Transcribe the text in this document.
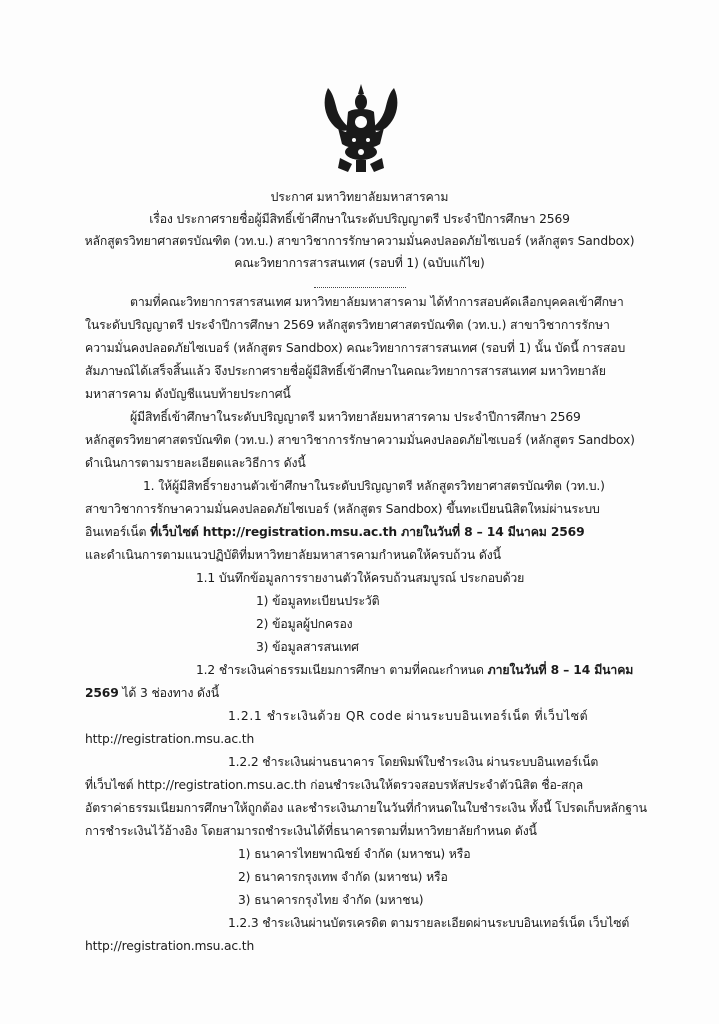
ประกาศ มหาวิทยาลัยมหาสารคาม
เรื่อง ประกาศรายชื่อผู้มีสิทธิ์เข้าศึกษาในระดับปริญญาตรี ประจำปีการศึกษา 2569
หลักสูตรวิทยาศาสตรบัณฑิต (วท.บ.) สาขาวิชาการรักษาความมั่นคงปลอดภัยไซเบอร์ (หลักสูตร Sandbox)
คณะวิทยาการสารสนเทศ (รอบที่ 1) (ฉบับแก้ไข)
ตามที่คณะวิทยาการสารสนเทศ มหาวิทยาลัยมหาสารคาม ได้ทำการสอบคัดเลือกบุคคลเข้าศึกษา
ในระดับปริญญาตรี ประจำปีการศึกษา 2569 หลักสูตรวิทยาศาสตรบัณฑิต (วท.บ.) สาขาวิชาการรักษา
ความมั่นคงปลอดภัยไซเบอร์ (หลักสูตร Sandbox) คณะวิทยาการสารสนเทศ (รอบที่ 1) นั้น บัดนี้ การสอบ
สัมภาษณ์ได้เสร็จสิ้นแล้ว จึงประกาศรายชื่อผู้มีสิทธิ์เข้าศึกษาในคณะวิทยาการสารสนเทศ มหาวิทยาลัย
มหาสารคาม ดังบัญชีแนบท้ายประกาศนี้
ผู้มีสิทธิ์เข้าศึกษาในระดับปริญญาตรี มหาวิทยาลัยมหาสารคาม ประจำปีการศึกษา 2569
หลักสูตรวิทยาศาสตรบัณฑิต (วท.บ.) สาขาวิชาการรักษาความมั่นคงปลอดภัยไซเบอร์ (หลักสูตร Sandbox)
ดำเนินการตามรายละเอียดและวิธีการ ดังนี้
1. ให้ผู้มีสิทธิ์รายงานตัวเข้าศึกษาในระดับปริญญาตรี หลักสูตรวิทยาศาสตรบัณฑิต (วท.บ.)
สาขาวิชาการรักษาความมั่นคงปลอดภัยไซเบอร์ (หลักสูตร Sandbox) ขึ้นทะเบียนนิสิตใหม่ผ่านระบบ
อินเทอร์เน็ต ที่เว็บไซต์ http://registration.msu.ac.th ภายในวันที่ 8 – 14 มีนาคม 2569
และดำเนินการตามแนวปฏิบัติที่มหาวิทยาลัยมหาสารคามกำหนดให้ครบถ้วน ดังนี้
1.1 บันทึกข้อมูลการรายงานตัวให้ครบถ้วนสมบูรณ์ ประกอบด้วย
1) ข้อมูลทะเบียนประวัติ
2) ข้อมูลผู้ปกครอง
3) ข้อมูลสารสนเทศ
1.2 ชำระเงินค่าธรรมเนียมการศึกษา ตามที่คณะกำหนด ภายในวันที่ 8 – 14 มีนาคม
2569 ได้ 3 ช่องทาง ดังนี้
1.2.1 ชำระเงินด้วย QR code ผ่านระบบอินเทอร์เน็ต ที่เว็บไซต์
http://registration.msu.ac.th
1.2.2 ชำระเงินผ่านธนาคาร โดยพิมพ์ใบชำระเงิน ผ่านระบบอินเทอร์เน็ต
ที่เว็บไซต์ http://registration.msu.ac.th ก่อนชำระเงินให้ตรวจสอบรหัสประจำตัวนิสิต ชื่อ-สกุล
อัตราค่าธรรมเนียมการศึกษาให้ถูกต้อง และชำระเงินภายในวันที่กำหนดในใบชำระเงิน ทั้งนี้ โปรดเก็บหลักฐาน
การชำระเงินไว้อ้างอิง โดยสามารถชำระเงินได้ที่ธนาคารตามที่มหาวิทยาลัยกำหนด ดังนี้
1) ธนาคารไทยพาณิชย์ จำกัด (มหาชน) หรือ
2) ธนาคารกรุงเทพ จำกัด (มหาชน) หรือ
3) ธนาคารกรุงไทย จำกัด (มหาชน)
1.2.3 ชำระเงินผ่านบัตรเครดิต ตามรายละเอียดผ่านระบบอินเทอร์เน็ต เว็บไซต์
http://registration.msu.ac.th
